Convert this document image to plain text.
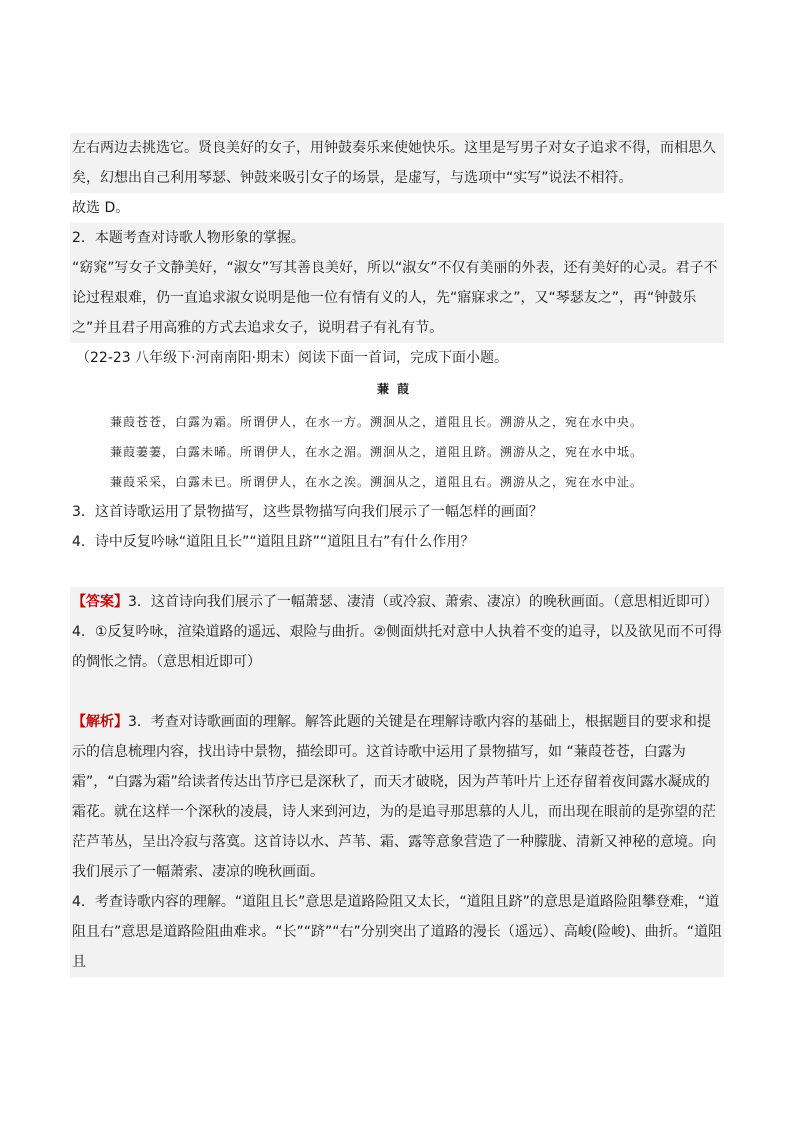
左右两边去挑选它。贤良美好的女子，用钟鼓奏乐来使她快乐。这里是写男子对女子追求不得，而相思久矣，幻想出自己利用琴瑟、钟鼓来吸引女子的场景，是虚写，与选项中“实写”说法不相符。

故选 D。

2．本题考查对诗歌人物形象的掌握。

“窈窕”写女子文静美好，“淑女”写其善良美好，所以“淑女”不仅有美丽的外表，还有美好的心灵。君子不论过程艰难，仍一直追求淑女说明是他一位有情有义的人，先“寤寐求之”，又“琴瑟友之”，再“钟鼓乐之”并且君子用高雅的方式去追求女子，说明君子有礼有节。

（22-23 八年级下·河南南阳·期末）阅读下面一首词，完成下面小题。

蒹葭

蒹葭苍苍，白露为霜。所谓伊人，在水一方。溯洄从之，道阻且长。溯游从之，宛在水中央。

蒹葭萋萋，白露未晞。所谓伊人，在水之湄。溯洄从之，道阻且跻。溯游从之，宛在水中坻。

蒹葭采采，白露未已。所谓伊人，在水之涘。溯洄从之，道阻且右。溯游从之，宛在水中沚。

3．这首诗歌运用了景物描写，这些景物描写向我们展示了一幅怎样的画面？

4．诗中反复吟咏“道阻且长”“道阻且跻”“道阻且右”有什么作用？

【答案】3．这首诗向我们展示了一幅萧瑟、凄清（或冷寂、萧索、凄凉）的晚秋画面。（意思相近即可）

4．①反复吟咏，渲染道路的遥远、艰险与曲折。②侧面烘托对意中人执着不变的追寻，以及欲见而不可得的惆怅之情。（意思相近即可）

【解析】3．考查对诗歌画面的理解。解答此题的关键是在理解诗歌内容的基础上，根据题目的要求和提示的信息梳理内容，找出诗中景物，描绘即可。这首诗歌中运用了景物描写，如 “蒹葭苍苍，白露为霜”，“白露为霜”给读者传达出节序已是深秋了，而天才破晓，因为芦苇叶片上还存留着夜间露水凝成的霜花。就在这样一个深秋的凌晨，诗人来到河边，为的是追寻那思慕的人儿，而出现在眼前的是弥望的茫茫芦苇丛，呈出冷寂与落寞。这首诗以水、芦苇、霜、露等意象营造了一种朦胧、清新又神秘的意境。向我们展示了一幅萧索、凄凉的晚秋画面。

4．考查诗歌内容的理解。“道阻且长”意思是道路险阻又太长，“道阻且跻”的意思是道路险阻攀登难，“道阻且右”意思是道路险阻曲难求。“长”“跻”“右”分别突出了道路的漫长（遥远）、高峻(险峻)、曲折。“道阻且
